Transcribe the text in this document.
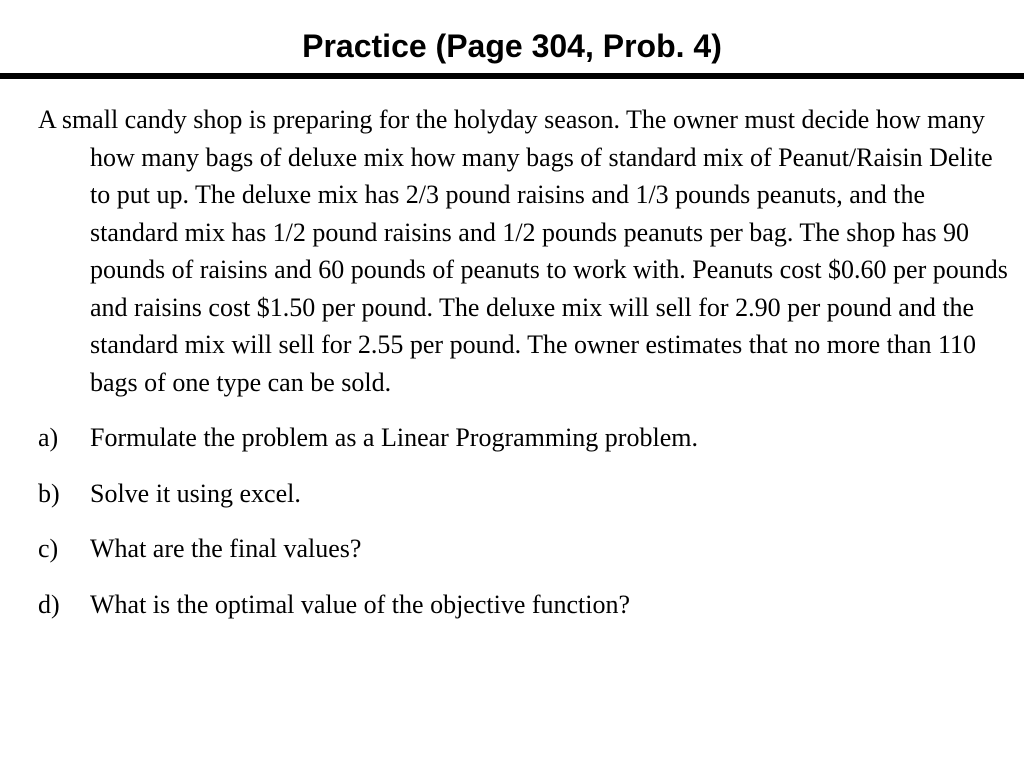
Practice (Page 304, Prob. 4)

A small candy shop is preparing for the holyday season. The owner must decide how many how many bags of deluxe mix how many bags of standard mix of Peanut/Raisin Delite to put up. The deluxe mix has 2/3 pound raisins and 1/3 pounds peanuts, and the standard mix has 1/2 pound raisins and 1/2 pounds peanuts per bag. The shop has 90 pounds of raisins and 60 pounds of peanuts to work with. Peanuts cost $0.60 per pounds and raisins cost $1.50 per pound. The deluxe mix will sell for 2.90 per pound and the standard mix will sell for 2.55 per pound. The owner estimates that no more than 110 bags of one type can be sold.

a)	Formulate the problem as a Linear Programming problem.
b)	Solve it using excel.
c)	What are the final values?
d)	What is the optimal value of the objective function?
